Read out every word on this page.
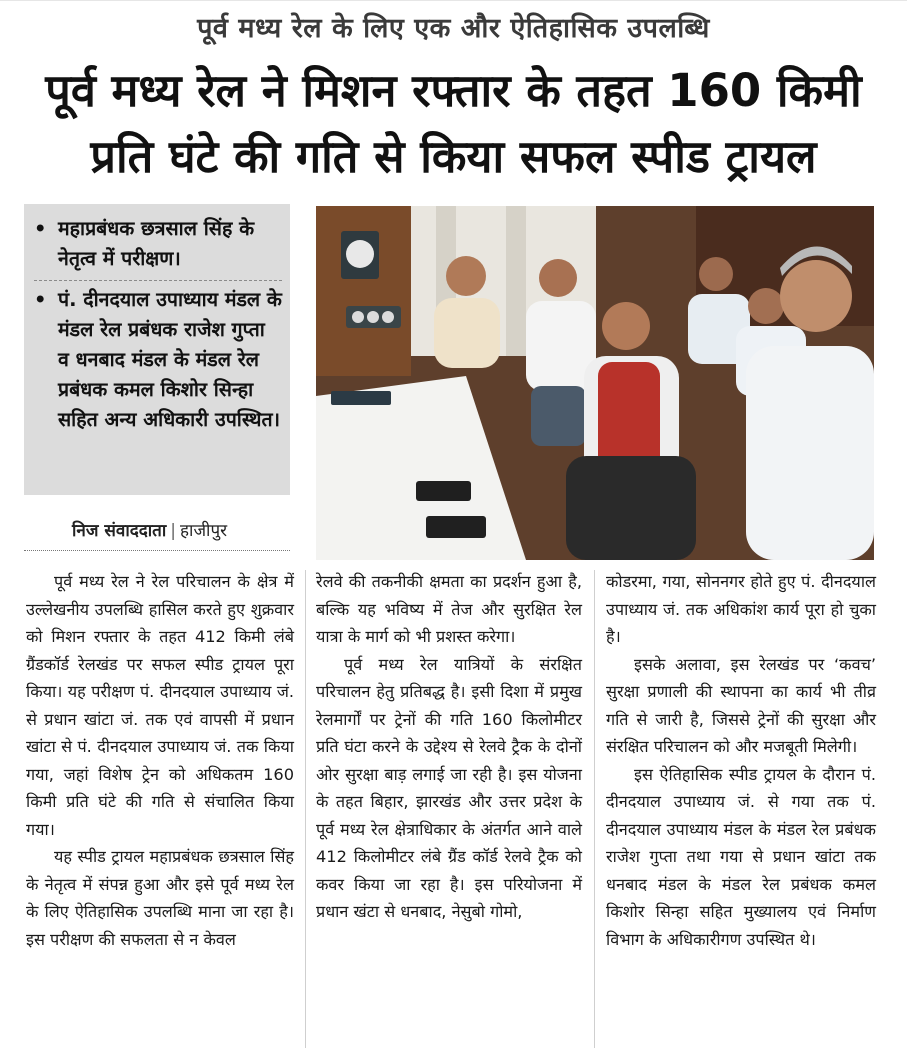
पूर्व मध्य रेल के लिए एक और ऐतिहासिक उपलब्धि
पूर्व मध्य रेल ने मिशन रफ्तार के तहत 160 किमी
प्रति घंटे की गति से किया सफल स्पीड ट्रायल
• महाप्रबंधक छत्रसाल सिंह के नेतृत्व में परीक्षण।
• पं. दीनदयाल उपाध्याय मंडल के मंडल रेल प्रबंधक राजेश गुप्ता व धनबाद मंडल के मंडल रेल प्रबंधक कमल किशोर सिन्हा सहित अन्य अधिकारी उपस्थित।
निज संवाददाता | हाजीपुर

पूर्व मध्य रेल ने रेल परिचालन के क्षेत्र में उल्लेखनीय उपलब्धि हासिल करते हुए शुक्रवार को मिशन रफ्तार के तहत 412 किमी लंबे ग्रैंडकॉर्ड रेलखंड पर सफल स्पीड ट्रायल पूरा किया। यह परीक्षण पं. दीनदयाल उपाध्याय जं. से प्रधान खांटा जं. तक एवं वापसी में प्रधान खांटा से पं. दीनदयाल उपाध्याय जं. तक किया गया, जहां विशेष ट्रेन को अधिकतम 160 किमी प्रति घंटे की गति से संचालित किया गया।

यह स्पीड ट्रायल महाप्रबंधक छत्रसाल सिंह के नेतृत्व में संपन्न हुआ और इसे पूर्व मध्य रेल के लिए ऐतिहासिक उपलब्धि माना जा रहा है। इस परीक्षण की सफलता से न केवल

रेलवे की तकनीकी क्षमता का प्रदर्शन हुआ है, बल्कि यह भविष्य में तेज और सुरक्षित रेल यात्रा के मार्ग को भी प्रशस्त करेगा।

पूर्व मध्य रेल यात्रियों के संरक्षित परिचालन हेतु प्रतिबद्ध है। इसी दिशा में प्रमुख रेलमार्गों पर ट्रेनों की गति 160 किलोमीटर प्रति घंटा करने के उद्देश्य से रेलवे ट्रैक के दोनों ओर सुरक्षा बाड़ लगाई जा रही है। इस योजना के तहत बिहार, झारखंड और उत्तर प्रदेश के पूर्व मध्य रेल क्षेत्राधिकार के अंतर्गत आने वाले 412 किलोमीटर लंबे ग्रैंड कॉर्ड रेलवे ट्रैक को कवर किया जा रहा है। इस परियोजना में प्रधान खंटा से धनबाद, नेसुबो गोमो,

कोडरमा, गया, सोननगर होते हुए पं. दीनदयाल उपाध्याय जं. तक अधिकांश कार्य पूरा हो चुका है।

इसके अलावा, इस रेलखंड पर ‘कवच’ सुरक्षा प्रणाली की स्थापना का कार्य भी तीव्र गति से जारी है, जिससे ट्रेनों की सुरक्षा और संरक्षित परिचालन को और मजबूती मिलेगी।

इस ऐतिहासिक स्पीड ट्रायल के दौरान पं. दीनदयाल उपाध्याय जं. से गया तक पं. दीनदयाल उपाध्याय मंडल के मंडल रेल प्रबंधक राजेश गुप्ता तथा गया से प्रधान खांटा तक धनबाद मंडल के मंडल रेल प्रबंधक कमल किशोर सिन्हा सहित मुख्यालय एवं निर्माण विभाग के अधिकारीगण उपस्थित थे।
